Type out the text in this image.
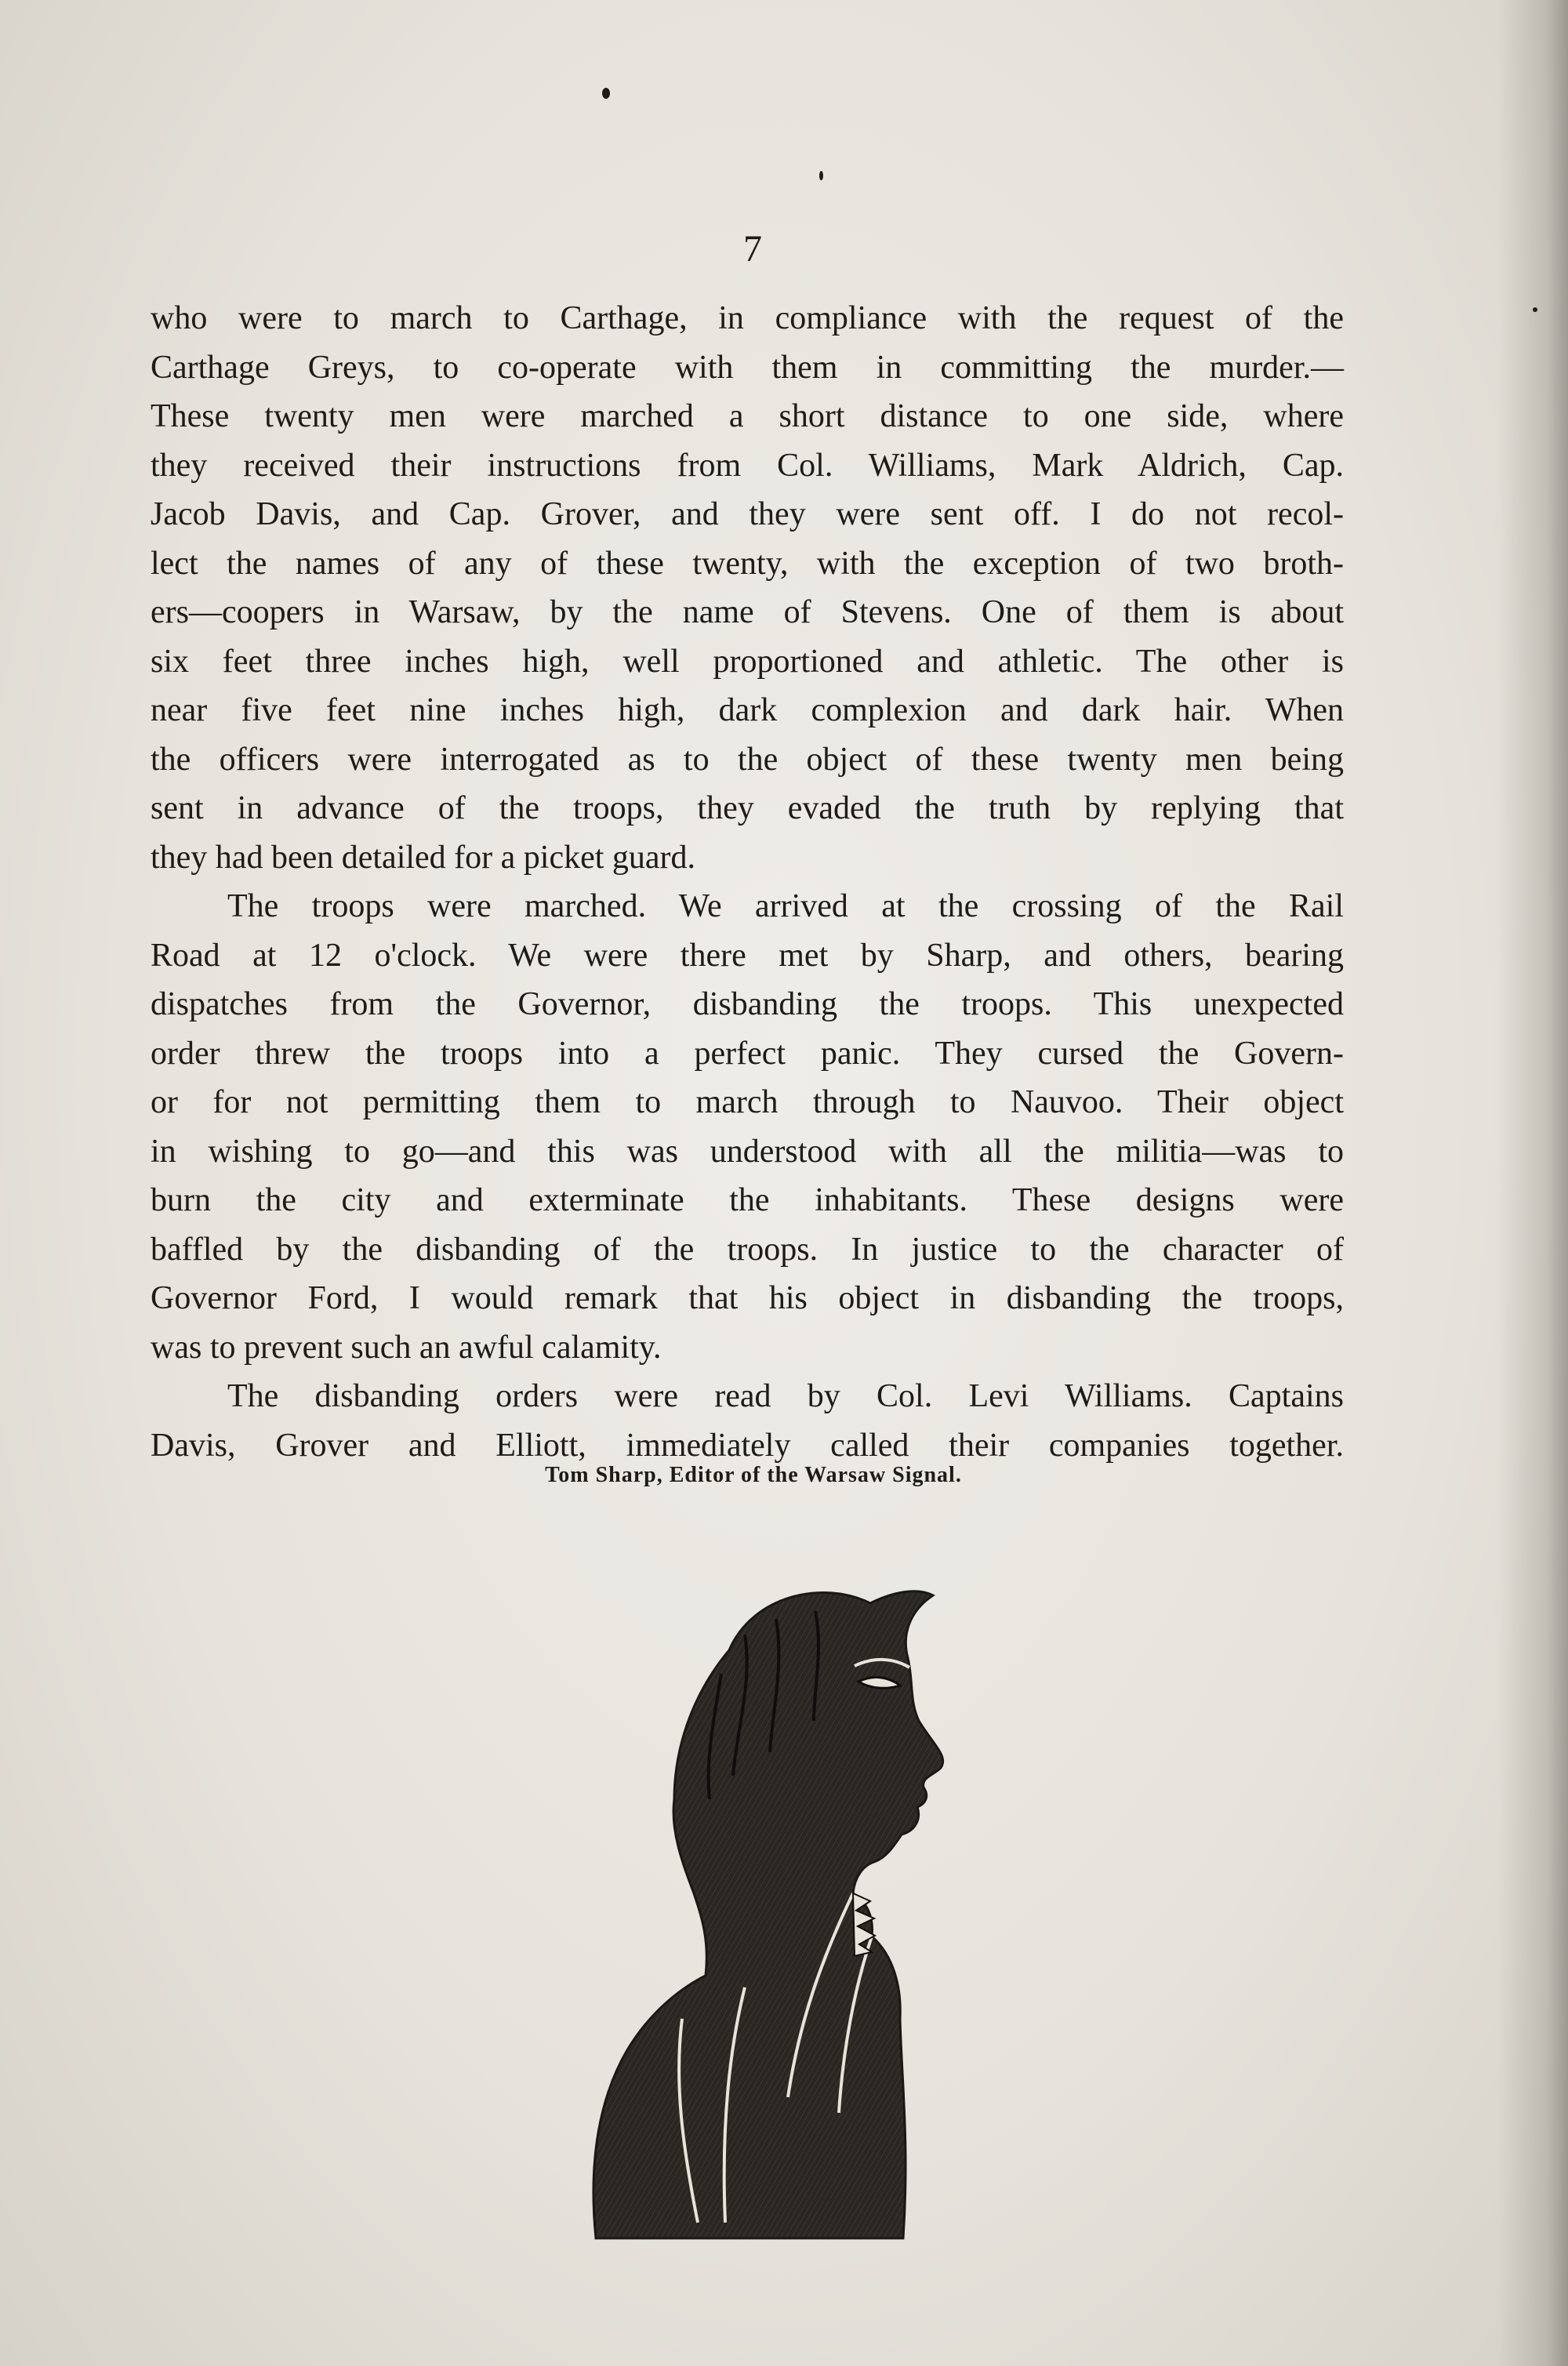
7
who were to march to Carthage, in compliance with the request of the
Carthage Greys, to co-operate with them in committing the murder.—
These twenty men were marched a short distance to one side, where
they received their instructions from Col. Williams, Mark Aldrich, Cap.
Jacob Davis, and Cap. Grover, and they were sent off. I do not recol-
lect the names of any of these twenty, with the exception of two broth-
ers—coopers in Warsaw, by the name of Stevens. One of them is about
six feet three inches high, well proportioned and athletic. The other is
near five feet nine inches high, dark complexion and dark hair. When
the officers were interrogated as to the object of these twenty men being
sent in advance of the troops, they evaded the truth by replying that
they had been detailed for a picket guard.
The troops were marched. We arrived at the crossing of the Rail
Road at 12 o'clock. We were there met by Sharp, and others, bearing
dispatches from the Governor, disbanding the troops. This unexpected
order threw the troops into a perfect panic. They cursed the Govern-
or for not permitting them to march through to Nauvoo. Their object
in wishing to go—and this was understood with all the militia—was to
burn the city and exterminate the inhabitants. These designs were
baffled by the disbanding of the troops. In justice to the character of
Governor Ford, I would remark that his object in disbanding the troops,
was to prevent such an awful calamity.
The disbanding orders were read by Col. Levi Williams. Captains
Davis, Grover and Elliott, immediately called their companies together.
Tom Sharp, Editor of the Warsaw Signal.
